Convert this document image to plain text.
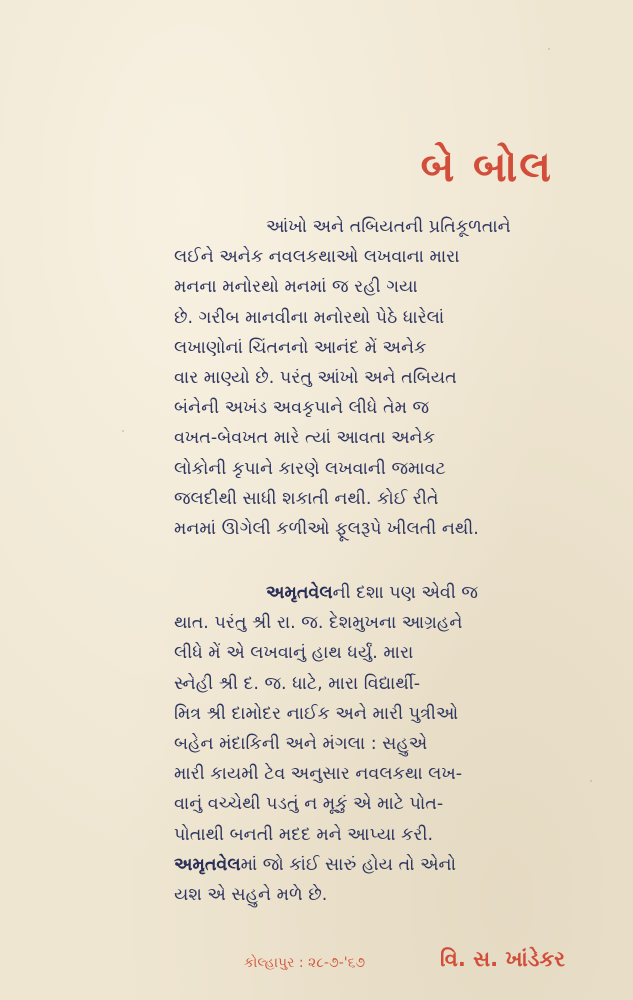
બે બોલ
આંખો અને તબિયતની પ્રતિકૂળતાને
લઈને અનેક નવલકથાઓ લખવાના મારા
મનના મનોરથો મનમાં જ રહી ગયા
છે. ગરીબ માનવીના મનોરથો પેઠે ધારેલાં
લખાણોનાં ચિંતનનો આનંદ મેં અનેક
વાર માણ્યો છે. પરંતુ આંખો અને તબિયત
બંનેની અખંડ અવકૃપાને લીધે તેમ જ
વખત-બેવખત મારે ત્યાં આવતા અનેક
લોકોની કૃપાને કારણે લખવાની જમાવટ
જલદીથી સાધી શકાતી નથી. કોઈ રીતે
મનમાં ઊગેલી કળીઓ ફૂલરૂપે ખીલતી નથી.
અમૃતવેલની દશા પણ એવી જ
થાત. પરંતુ શ્રી રા. જ. દેશમુખના આગ્રહને
લીધે મેં એ લખવાનું હાથ ધર્યું. મારા
સ્નેહી શ્રી દ. જ. ધાટે, મારા વિદ્યાર્થી-
મિત્ર શ્રી દામોદર નાઈક અને મારી પુત્રીઓ
બહેન મંદાકિની અને મંગલા : સહુએ
મારી કાયમી ટેવ અનુસાર નવલકથા લખ-
વાનું વચ્ચેથી પડતું ન મૂકું એ માટે પોત-
પોતાથી બનતી મદદ મને આપ્યા કરી.
અમૃતવેલમાં જો કાંઈ સારું હોય તો એનો
યશ એ સહુને મળે છે.
કોલ્હાપુર : ૨૮-૭-'૬૭	વિ. સ. ખાંડેકર
